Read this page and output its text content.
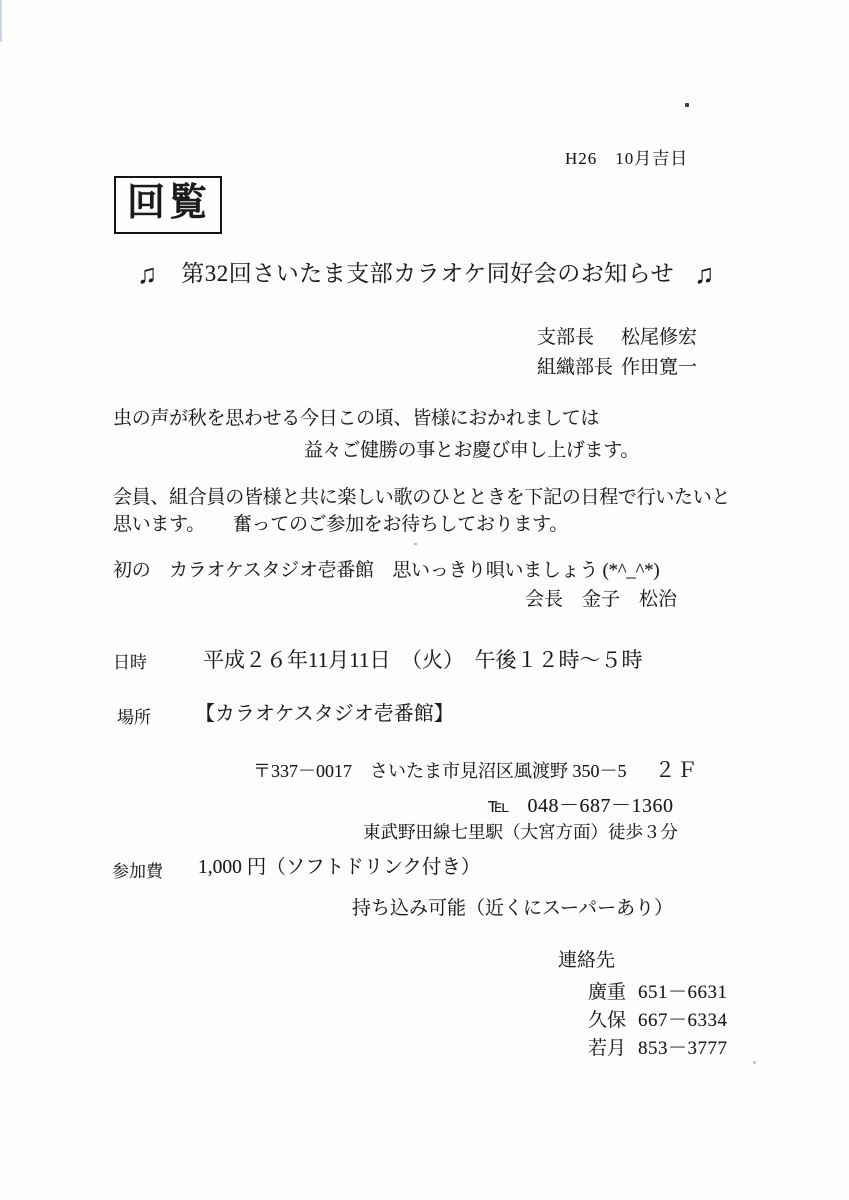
H26　10月吉日
回覧
♫ 第32回さいたま支部カラオケ同好会のお知らせ ♫
支部長	松尾修宏
組織部長 作田寛一
虫の声が秋を思わせる今日この頃、皆様におかれましては
益々ご健勝の事とお慶び申し上げます。
会員、組合員の皆様と共に楽しい歌のひとときを下記の日程で行いたいと
思います。　　奮ってのご参加をお待ちしております。
初の　カラオケスタジオ壱番館　思いっきり唄いましょう (*^_^*)
会長　金子　松治
日時	平成２６年11月11日　（火）　午後１２時～５時
場所 【カラオケスタジオ壱番館】
〒337－0017　さいたま市見沼区風渡野 350－5 ２Ｆ
℡ 048－687－1360
東武野田線七里駅（大宮方面）徒歩３分
参加費 1,000 円（ソフトドリンク付き）
持ち込み可能（近くにスーパーあり）
連絡先
廣重 651－6631
久保 667－6334
若月 853－3777
